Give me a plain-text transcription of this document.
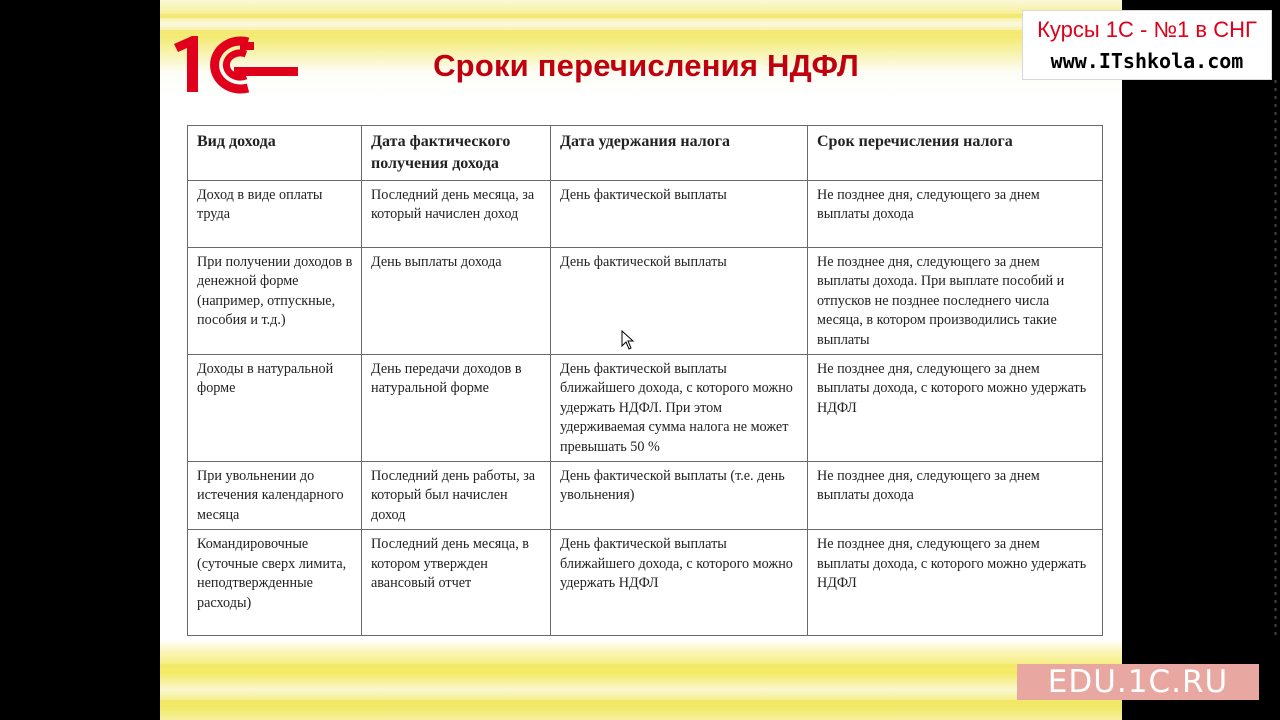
Сроки перечисления НДФЛ
Вид дохода	Дата фактического получения дохода	Дата удержания налога	Срок перечисления налога
Доход в виде оплаты труда	Последний день месяца, за который начислен доход	День фактической выплаты	Не позднее дня, следующего за днем выплаты дохода
При получении доходов в денежной форме (например, отпускные, пособия и т.д.)	День выплаты дохода	День фактической выплаты	Не позднее дня, следующего за днем выплаты дохода. При выплате пособий и отпусков не позднее последнего числа месяца, в котором производились такие выплаты
Доходы в натуральной форме	День передачи доходов в натуральной форме	День фактической выплаты ближайшего дохода, с которого можно удержать НДФЛ. При этом удерживаемая сумма налога не может превышать 50 %	Не позднее дня, следующего за днем выплаты дохода, с которого можно удержать НДФЛ
При увольнении до истечения календарного месяца	Последний день работы, за который был начислен доход	День фактической выплаты (т.е. день увольнения)	Не позднее дня, следующего за днем выплаты дохода
Командировочные (суточные сверх лимита, неподтвержденные расходы)	Последний день месяца, в котором утвержден авансовый отчет	День фактической выплаты ближайшего дохода, с которого можно удержать НДФЛ	Не позднее дня, следующего за днем выплаты дохода, с которого можно удержать НДФЛ
Курсы 1С - №1 в СНГ
www.ITshkola.com
EDU.1C.RU
